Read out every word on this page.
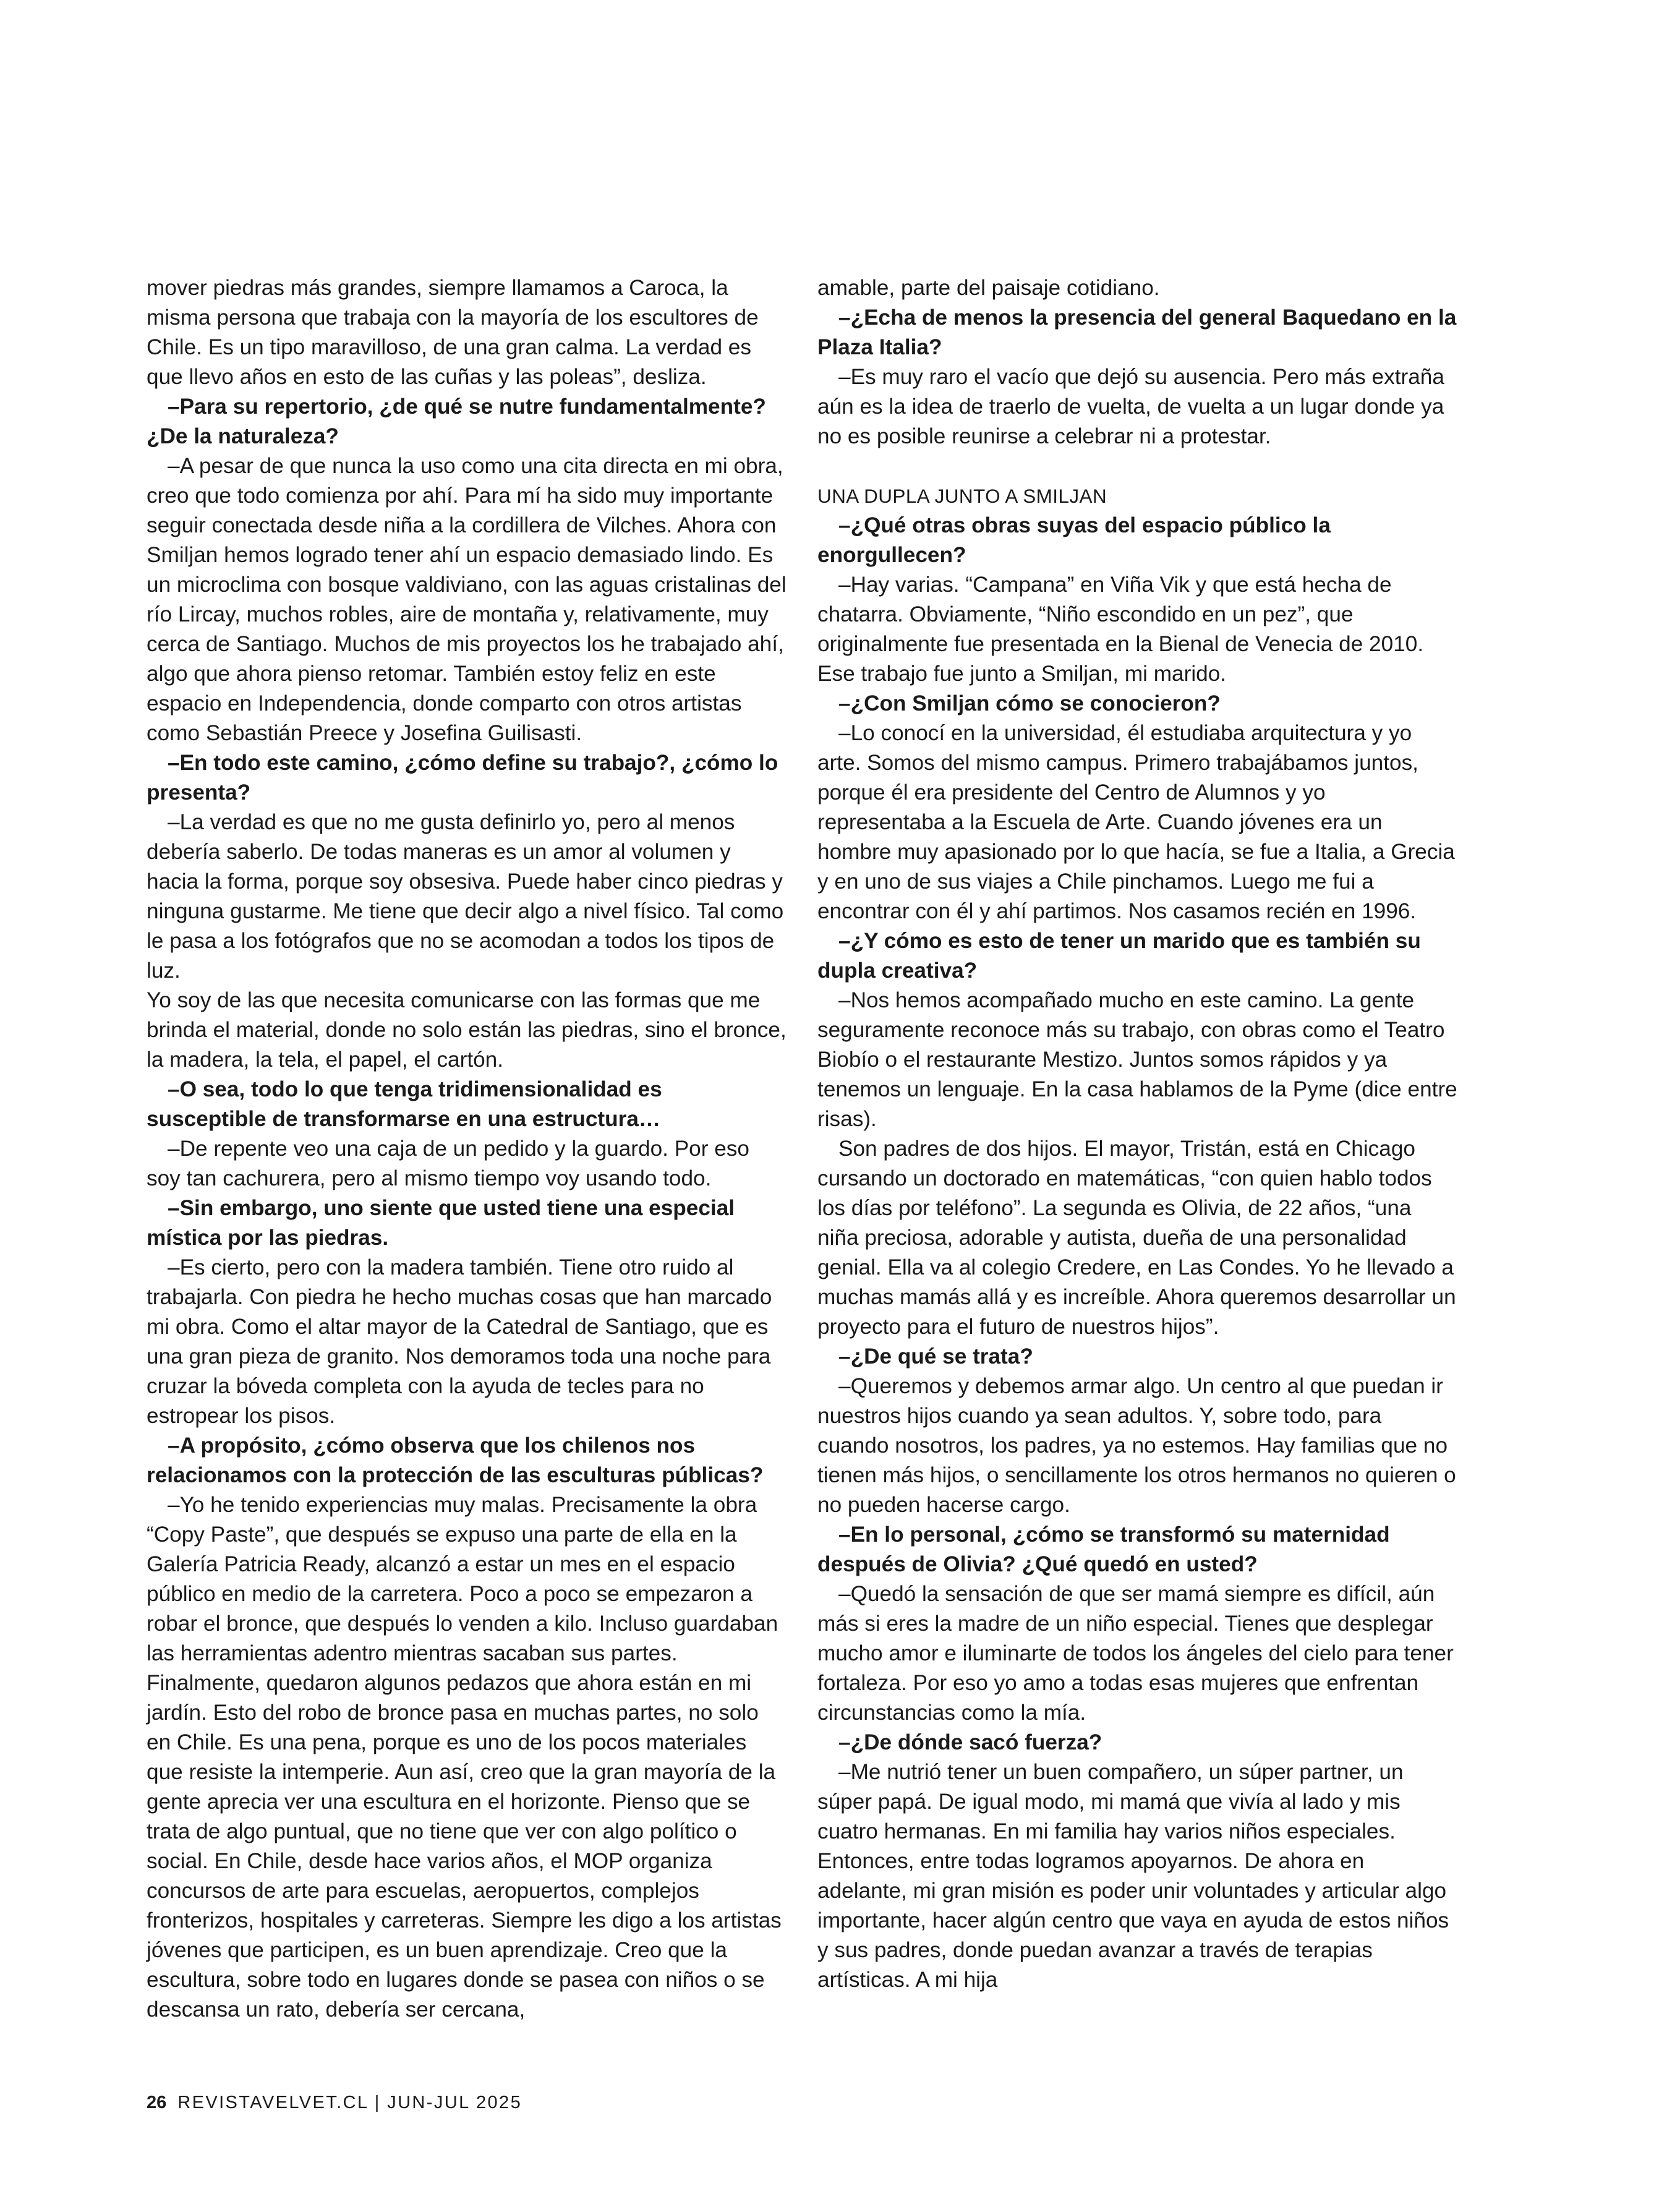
mover piedras más grandes, siempre llamamos a Caroca, la misma persona que trabaja con la mayoría de los escultores de Chile. Es un tipo maravilloso, de una gran calma. La verdad es que llevo años en esto de las cuñas y las poleas”, desliza.

–Para su repertorio, ¿de qué se nutre fundamentalmente? ¿De la naturaleza?

–A pesar de que nunca la uso como una cita directa en mi obra, creo que todo comienza por ahí. Para mí ha sido muy importante seguir conectada desde niña a la cordillera de Vilches. Ahora con Smiljan hemos logrado tener ahí un espacio demasiado lindo. Es un microclima con bosque valdiviano, con las aguas cristalinas del río Lircay, muchos robles, aire de montaña y, relativamente, muy cerca de Santiago. Muchos de mis proyectos los he trabajado ahí, algo que ahora pienso retomar. También estoy feliz en este espacio en Independencia, donde comparto con otros artistas como Sebastián Preece y Josefina Guilisasti.

–En todo este camino, ¿cómo define su trabajo?, ¿cómo lo presenta?

–La verdad es que no me gusta definirlo yo, pero al menos debería saberlo. De todas maneras es un amor al volumen y hacia la forma, porque soy obsesiva. Puede haber cinco piedras y ninguna gustarme. Me tiene que decir algo a nivel físico. Tal como le pasa a los fotógrafos que no se acomodan a todos los tipos de luz.

Yo soy de las que necesita comunicarse con las formas que me brinda el material, donde no solo están las piedras, sino el bronce, la madera, la tela, el papel, el cartón.

–O sea, todo lo que tenga tridimensionalidad es susceptible de transformarse en una estructura…

–De repente veo una caja de un pedido y la guardo. Por eso soy tan cachurera, pero al mismo tiempo voy usando todo.

–Sin embargo, uno siente que usted tiene una especial mística por las piedras.

–Es cierto, pero con la madera también. Tiene otro ruido al trabajarla. Con piedra he hecho muchas cosas que han marcado mi obra. Como el altar mayor de la Catedral de Santiago, que es una gran pieza de granito. Nos demoramos toda una noche para cruzar la bóveda completa con la ayuda de tecles para no estropear los pisos.

–A propósito, ¿cómo observa que los chilenos nos relacionamos con la protección de las esculturas públicas?

–Yo he tenido experiencias muy malas. Precisamente la obra “Copy Paste”, que después se expuso una parte de ella en la Galería Patricia Ready, alcanzó a estar un mes en el espacio público en medio de la carretera. Poco a poco se empezaron a robar el bronce, que después lo venden a kilo. Incluso guardaban las herramientas adentro mientras sacaban sus partes. Finalmente, quedaron algunos pedazos que ahora están en mi jardín. Esto del robo de bronce pasa en muchas partes, no solo en Chile. Es una pena, porque es uno de los pocos materiales que resiste la intemperie. Aun así, creo que la gran mayoría de la gente aprecia ver una escultura en el horizonte. Pienso que se trata de algo puntual, que no tiene que ver con algo político o social. En Chile, desde hace varios años, el MOP organiza concursos de arte para escuelas, aeropuertos, complejos fronterizos, hospitales y carreteras. Siempre les digo a los artistas jóvenes que participen, es un buen aprendizaje. Creo que la escultura, sobre todo en lugares donde se pasea con niños o se descansa un rato, debería ser cercana,

amable, parte del paisaje cotidiano.

–¿Echa de menos la presencia del general Baquedano en la Plaza Italia?

–Es muy raro el vacío que dejó su ausencia. Pero más extraña aún es la idea de traerlo de vuelta, de vuelta a un lugar donde ya no es posible reunirse a celebrar ni a protestar.

UNA DUPLA JUNTO A SMILJAN

–¿Qué otras obras suyas del espacio público la enorgullecen?

–Hay varias. “Campana” en Viña Vik y que está hecha de chatarra. Obviamente, “Niño escondido en un pez”, que originalmente fue presentada en la Bienal de Venecia de 2010. Ese trabajo fue junto a Smiljan, mi marido.

–¿Con Smiljan cómo se conocieron?

–Lo conocí en la universidad, él estudiaba arquitectura y yo arte. Somos del mismo campus. Primero trabajábamos juntos, porque él era presidente del Centro de Alumnos y yo representaba a la Escuela de Arte. Cuando jóvenes era un hombre muy apasionado por lo que hacía, se fue a Italia, a Grecia y en uno de sus viajes a Chile pinchamos. Luego me fui a encontrar con él y ahí partimos. Nos casamos recién en 1996.

–¿Y cómo es esto de tener un marido que es también su dupla creativa?

–Nos hemos acompañado mucho en este camino. La gente seguramente reconoce más su trabajo, con obras como el Teatro Biobío o el restaurante Mestizo. Juntos somos rápidos y ya tenemos un lenguaje. En la casa hablamos de la Pyme (dice entre risas).

Son padres de dos hijos. El mayor, Tristán, está en Chicago cursando un doctorado en matemáticas, “con quien hablo todos los días por teléfono”. La segunda es Olivia, de 22 años, “una niña preciosa, adorable y autista, dueña de una personalidad genial. Ella va al colegio Credere, en Las Condes. Yo he llevado a muchas mamás allá y es increíble. Ahora queremos desarrollar un proyecto para el futuro de nuestros hijos”.

–¿De qué se trata?

–Queremos y debemos armar algo. Un centro al que puedan ir nuestros hijos cuando ya sean adultos. Y, sobre todo, para cuando nosotros, los padres, ya no estemos. Hay familias que no tienen más hijos, o sencillamente los otros hermanos no quieren o no pueden hacerse cargo.

–En lo personal, ¿cómo se transformó su maternidad después de Olivia? ¿Qué quedó en usted?

–Quedó la sensación de que ser mamá siempre es difícil, aún más si eres la madre de un niño especial. Tienes que desplegar mucho amor e iluminarte de todos los ángeles del cielo para tener fortaleza. Por eso yo amo a todas esas mujeres que enfrentan circunstancias como la mía.

–¿De dónde sacó fuerza?

–Me nutrió tener un buen compañero, un súper partner, un súper papá. De igual modo, mi mamá que vivía al lado y mis cuatro hermanas. En mi familia hay varios niños especiales. Entonces, entre todas logramos apoyarnos. De ahora en adelante, mi gran misión es poder unir voluntades y articular algo importante, hacer algún centro que vaya en ayuda de estos niños y sus padres, donde puedan avanzar a través de terapias artísticas. A mi hija

26 REVISTAVELVET.CL | JUN-JUL 2025
